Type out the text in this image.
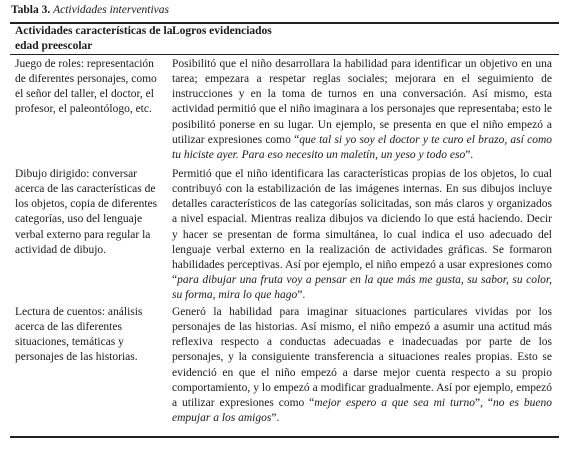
Tabla 3. Actividades interventivas
Actividades características de la edad preescolar
Logros evidenciados
Juego de roles: representación de diferentes personajes, como el señor del taller, el doctor, el profesor, el paleontólogo, etc.
Posibilitó que el niño desarrollara la habilidad para identificar un objetivo en una tarea; empezara a respetar reglas sociales; mejorara en el seguimiento de instrucciones y en la toma de turnos en una conversación. Así mismo, esta actividad permitió que el niño imaginara a los personajes que representaba; esto le posibilitó ponerse en su lugar. Un ejemplo, se presenta en que el niño empezó a utilizar expresiones como “que tal si yo soy el doctor y te curo el brazo, así como tu hiciste ayer. Para eso necesito un maletín, un yeso y todo eso”.
Dibujo dirigido: conversar acerca de las características de los objetos, copia de diferentes categorías, uso del lenguaje verbal externo para regular la actividad de dibujo.
Permitió que el niño identificara las características propias de los objetos, lo cual contribuyó con la estabilización de las imágenes internas. En sus dibujos incluye detalles característicos de las categorías solicitadas, son más claros y organizados a nivel espacial. Mientras realiza dibujos va diciendo lo que está haciendo. Decir y hacer se presentan de forma simultánea, lo cual indica el uso adecuado del lenguaje verbal externo en la realización de actividades gráficas. Se formaron habilidades perceptivas. Así por ejemplo, el niño empezó a usar expresiones como “para dibujar una fruta voy a pensar en la que más me gusta, su sabor, su color, su forma, mira lo que hago”.
Lectura de cuentos: análisis acerca de las diferentes situaciones, temáticas y personajes de las historias.
Generó la habilidad para imaginar situaciones particulares vividas por los personajes de las historias. Así mismo, el niño empezó a asumir una actitud más reflexiva respecto a conductas adecuadas e inadecuadas por parte de los personajes, y la consiguiente transferencia a situaciones reales propias. Esto se evidenció en que el niño empezó a darse mejor cuenta respecto a su propio comportamiento, y lo empezó a modificar gradualmente. Así por ejemplo, empezó a utilizar expresiones como “mejor espero a que sea mi turno”, “no es bueno empujar a los amigos”.
